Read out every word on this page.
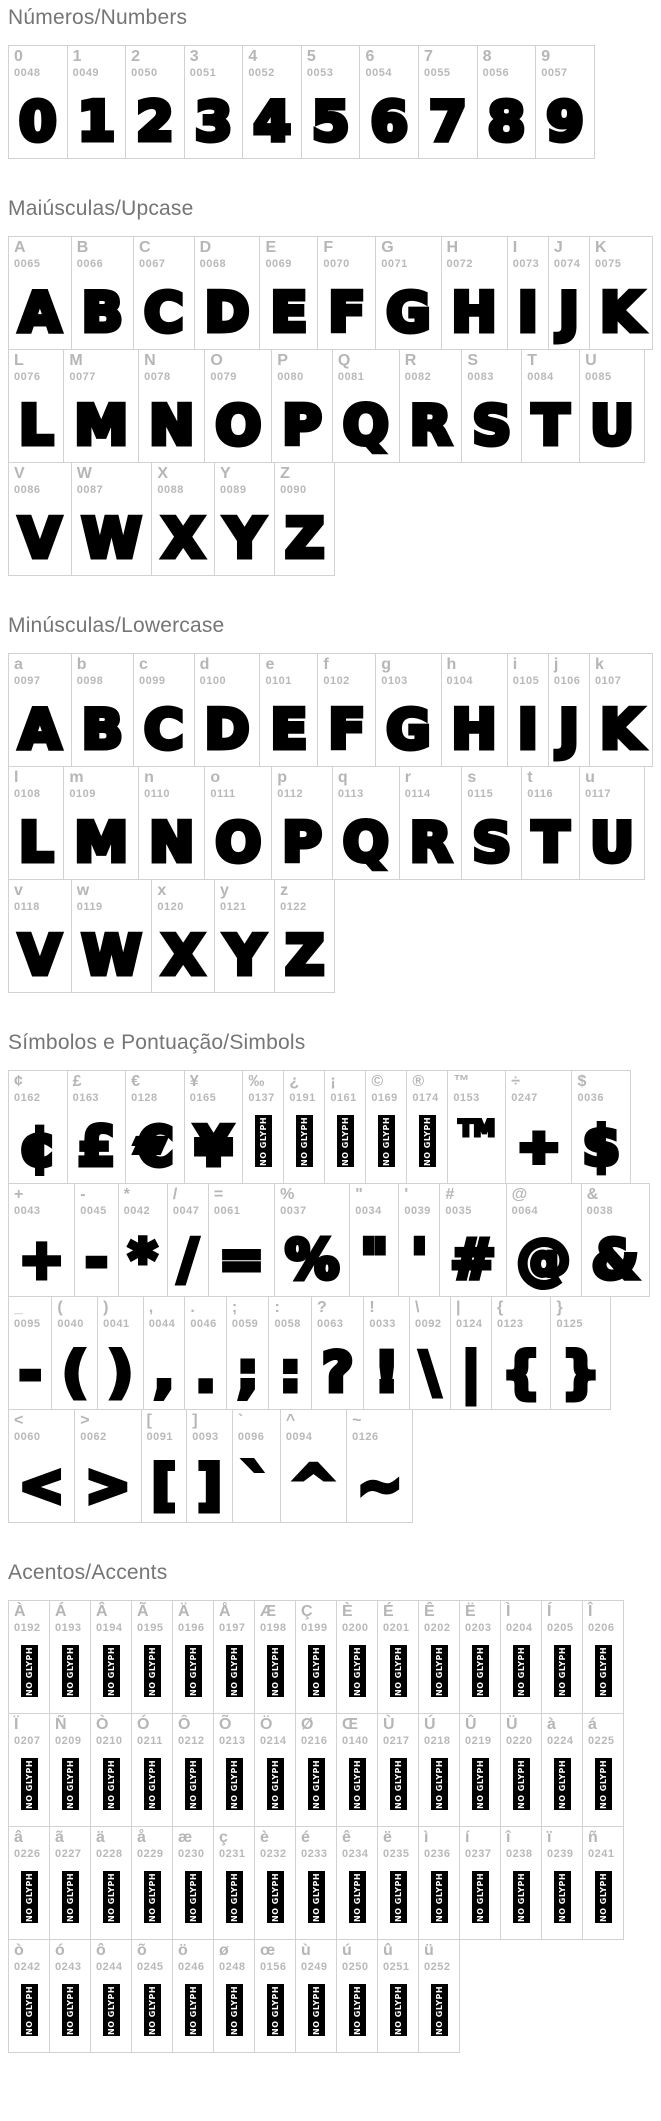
Números/Numbers
0
0048
0
1
0049
1
2
0050
2
3
0051
3
4
0052
4
5
0053
5
6
0054
6
7
0055
7
8
0056
8
9
0057
9
Maiúsculas/Upcase
A
0065
A
B
0066
B
C
0067
C
D
0068
D
E
0069
E
F
0070
F
G
0071
G
H
0072
H
I
0073
I
J
0074
J
K
0075
K
L
0076
L
M
0077
M
N
0078
N
O
0079
O
P
0080
P
Q
0081
Q
R
0082
R
S
0083
S
T
0084
T
U
0085
U
V
0086
V
W
0087
W
X
0088
X
Y
0089
Y
Z
0090
Z
Minúsculas/Lowercase
a
0097
A
b
0098
B
c
0099
C
d
0100
D
e
0101
E
f
0102
F
g
0103
G
h
0104
H
i
0105
I
j
0106
J
k
0107
K
l
0108
L
m
0109
M
n
0110
N
o
0111
O
p
0112
P
q
0113
Q
r
0114
R
s
0115
S
t
0116
T
u
0117
U
v
0118
V
w
0119
W
x
0120
X
y
0121
Y
z
0122
Z
Símbolos e Pontuação/Simbols
¢
0162
¢
£
0163
£
€
0128
€
¥
0165
¥
‰
0137
NO GLYPH
¿
0191
NO GLYPH
¡
0161
NO GLYPH
©
0169
NO GLYPH
®
0174
NO GLYPH
™
0153
TM
÷
0247
÷
$
0036
$
+
0043
+
-
0045
-
*
0042
*
/
0047
/
=
0061
=
%
0037
%
"
0034
"
'
0039
'
#
0035
#
@
0064
@
&
0038
&
_
0095
-
(
0040
(
)
0041
)
,
0044
,
.
0046
.
;
0059
;
:
0058
:
?
0063
?
!
0033
!
\
0092
\
|
0124
|
{
0123
{
}
0125
}
<
0060
<
>
0062
>
[
0091
[
]
0093
]
`
0096
`
^
0094
^
~
0126
~
Acentos/Accents
À
0192
NO GLYPH
Á
0193
NO GLYPH
Â
0194
NO GLYPH
Ã
0195
NO GLYPH
Ä
0196
NO GLYPH
Å
0197
NO GLYPH
Æ
0198
NO GLYPH
Ç
0199
NO GLYPH
È
0200
NO GLYPH
É
0201
NO GLYPH
Ê
0202
NO GLYPH
Ë
0203
NO GLYPH
Ì
0204
NO GLYPH
Í
0205
NO GLYPH
Î
0206
NO GLYPH
Ï
0207
NO GLYPH
Ñ
0209
NO GLYPH
Ò
0210
NO GLYPH
Ó
0211
NO GLYPH
Ô
0212
NO GLYPH
Õ
0213
NO GLYPH
Ö
0214
NO GLYPH
Ø
0216
NO GLYPH
Œ
0140
NO GLYPH
Ù
0217
NO GLYPH
Ú
0218
NO GLYPH
Û
0219
NO GLYPH
Ü
0220
NO GLYPH
à
0224
NO GLYPH
á
0225
NO GLYPH
â
0226
NO GLYPH
ã
0227
NO GLYPH
ä
0228
NO GLYPH
å
0229
NO GLYPH
æ
0230
NO GLYPH
ç
0231
NO GLYPH
è
0232
NO GLYPH
é
0233
NO GLYPH
ê
0234
NO GLYPH
ë
0235
NO GLYPH
ì
0236
NO GLYPH
í
0237
NO GLYPH
î
0238
NO GLYPH
ï
0239
NO GLYPH
ñ
0241
NO GLYPH
ò
0242
NO GLYPH
ó
0243
NO GLYPH
ô
0244
NO GLYPH
õ
0245
NO GLYPH
ö
0246
NO GLYPH
ø
0248
NO GLYPH
œ
0156
NO GLYPH
ù
0249
NO GLYPH
ú
0250
NO GLYPH
û
0251
NO GLYPH
ü
0252
NO GLYPH
